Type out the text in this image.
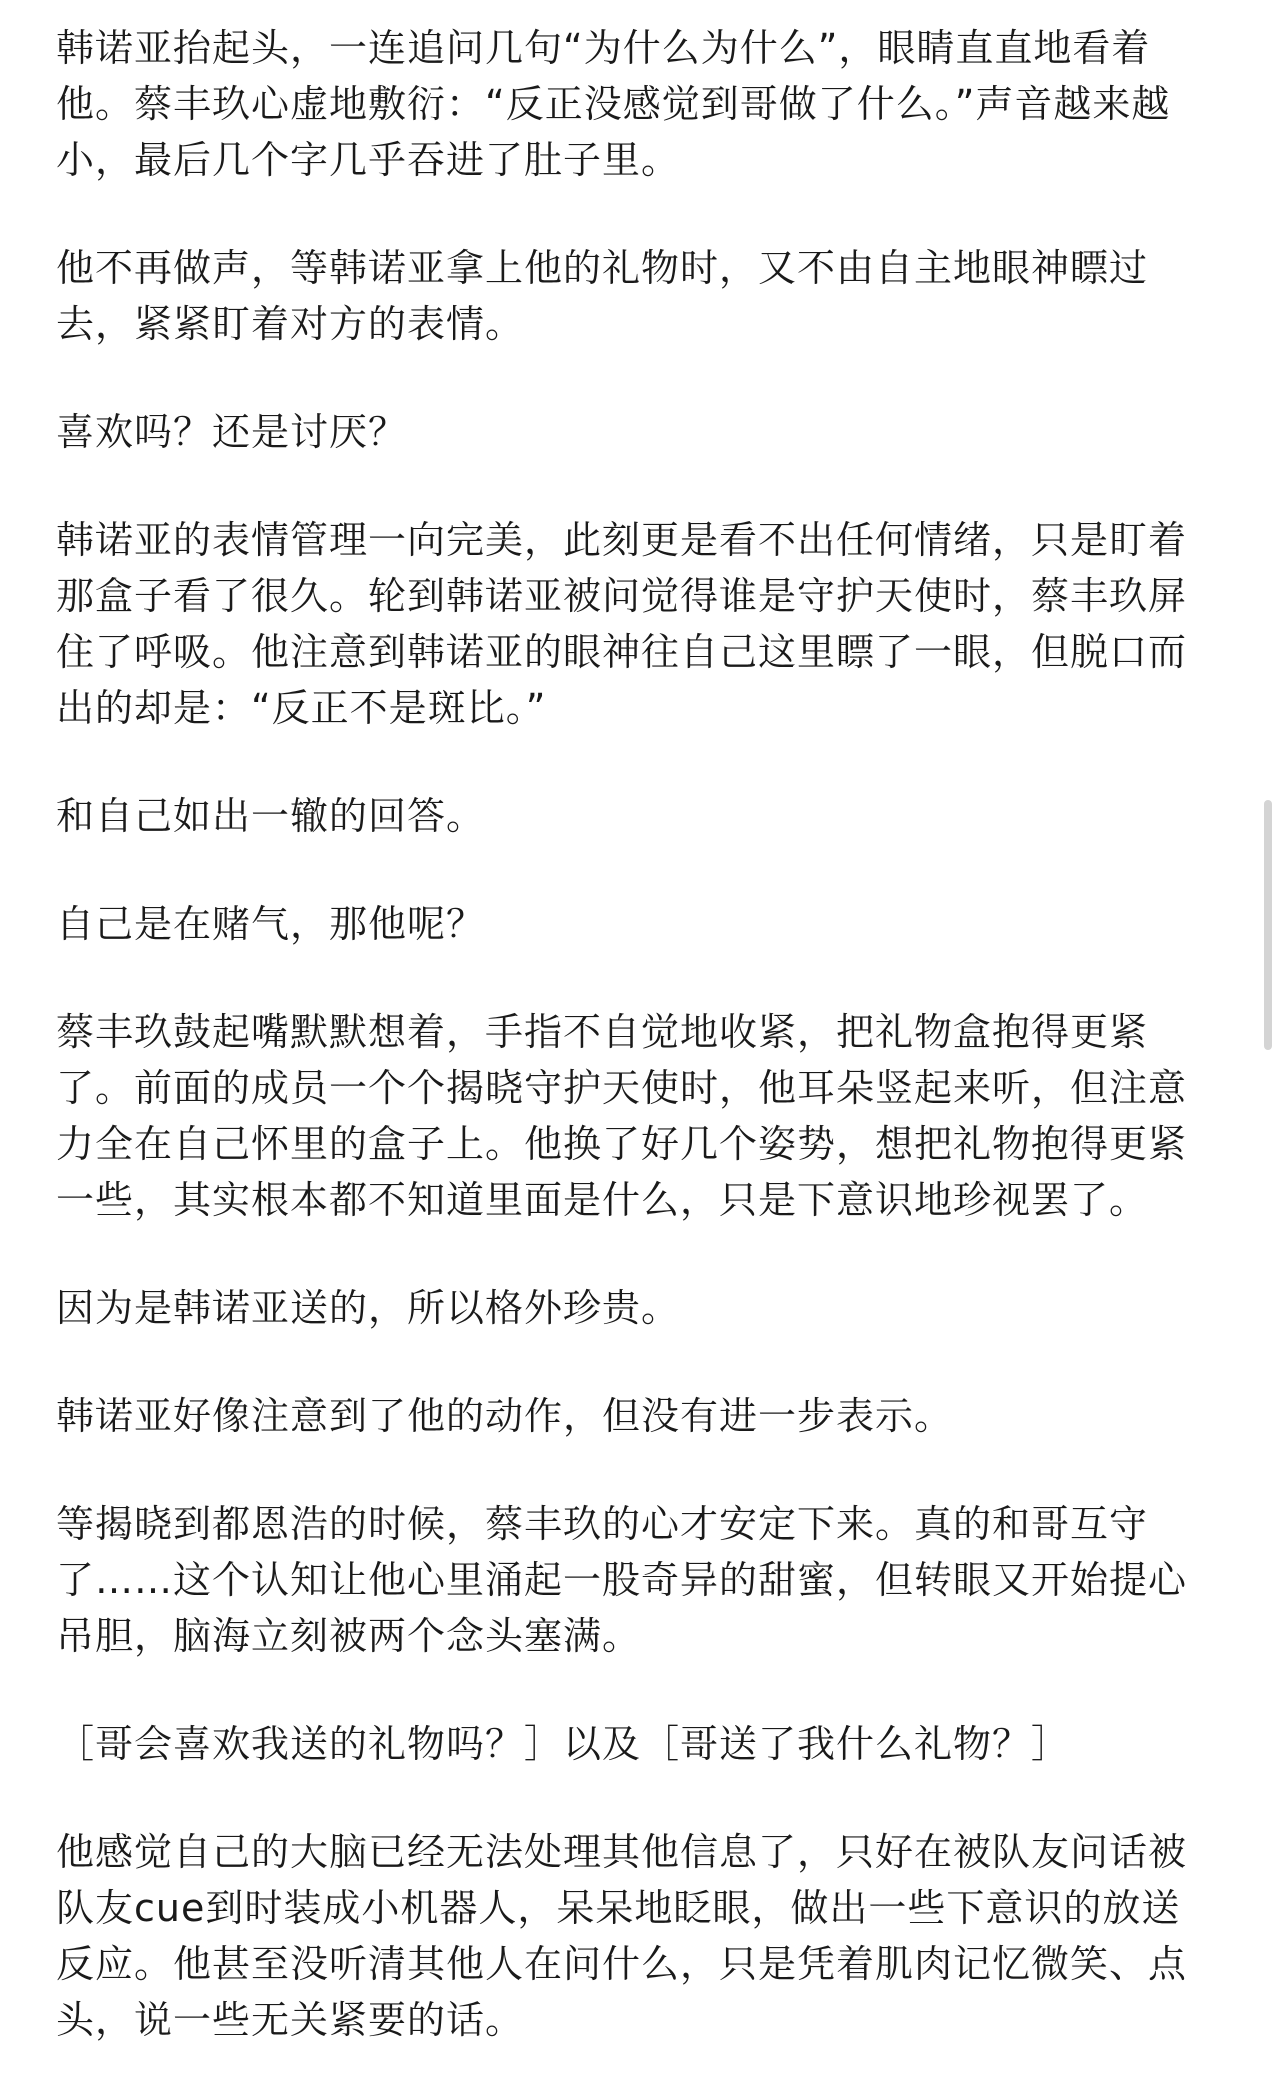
韩诺亚抬起头，一连追问几句“为什么为什么”，眼睛直直地看着他。蔡丰玖心虚地敷衍：“反正没感觉到哥做了什么。”声音越来越小，最后几个字几乎吞进了肚子里。

他不再做声，等韩诺亚拿上他的礼物时，又不由自主地眼神瞟过去，紧紧盯着对方的表情。

喜欢吗？还是讨厌？

韩诺亚的表情管理一向完美，此刻更是看不出任何情绪，只是盯着那盒子看了很久。轮到韩诺亚被问觉得谁是守护天使时，蔡丰玖屏住了呼吸。他注意到韩诺亚的眼神往自己这里瞟了一眼，但脱口而出的却是：“反正不是斑比。”

和自己如出一辙的回答。

自己是在赌气，那他呢？

蔡丰玖鼓起嘴默默想着，手指不自觉地收紧，把礼物盒抱得更紧了。前面的成员一个个揭晓守护天使时，他耳朵竖起来听，但注意力全在自己怀里的盒子上。他换了好几个姿势，想把礼物抱得更紧一些，其实根本都不知道里面是什么，只是下意识地珍视罢了。

因为是韩诺亚送的，所以格外珍贵。

韩诺亚好像注意到了他的动作，但没有进一步表示。

等揭晓到都恩浩的时候，蔡丰玖的心才安定下来。真的和哥互守了……这个认知让他心里涌起一股奇异的甜蜜，但转眼又开始提心吊胆，脑海立刻被两个念头塞满。

［哥会喜欢我送的礼物吗？］以及［哥送了我什么礼物？］

他感觉自己的大脑已经无法处理其他信息了，只好在被队友问话被队友cue到时装成小机器人，呆呆地眨眼，做出一些下意识的放送反应。他甚至没听清其他人在问什么，只是凭着肌肉记忆微笑、点头，说一些无关紧要的话。
